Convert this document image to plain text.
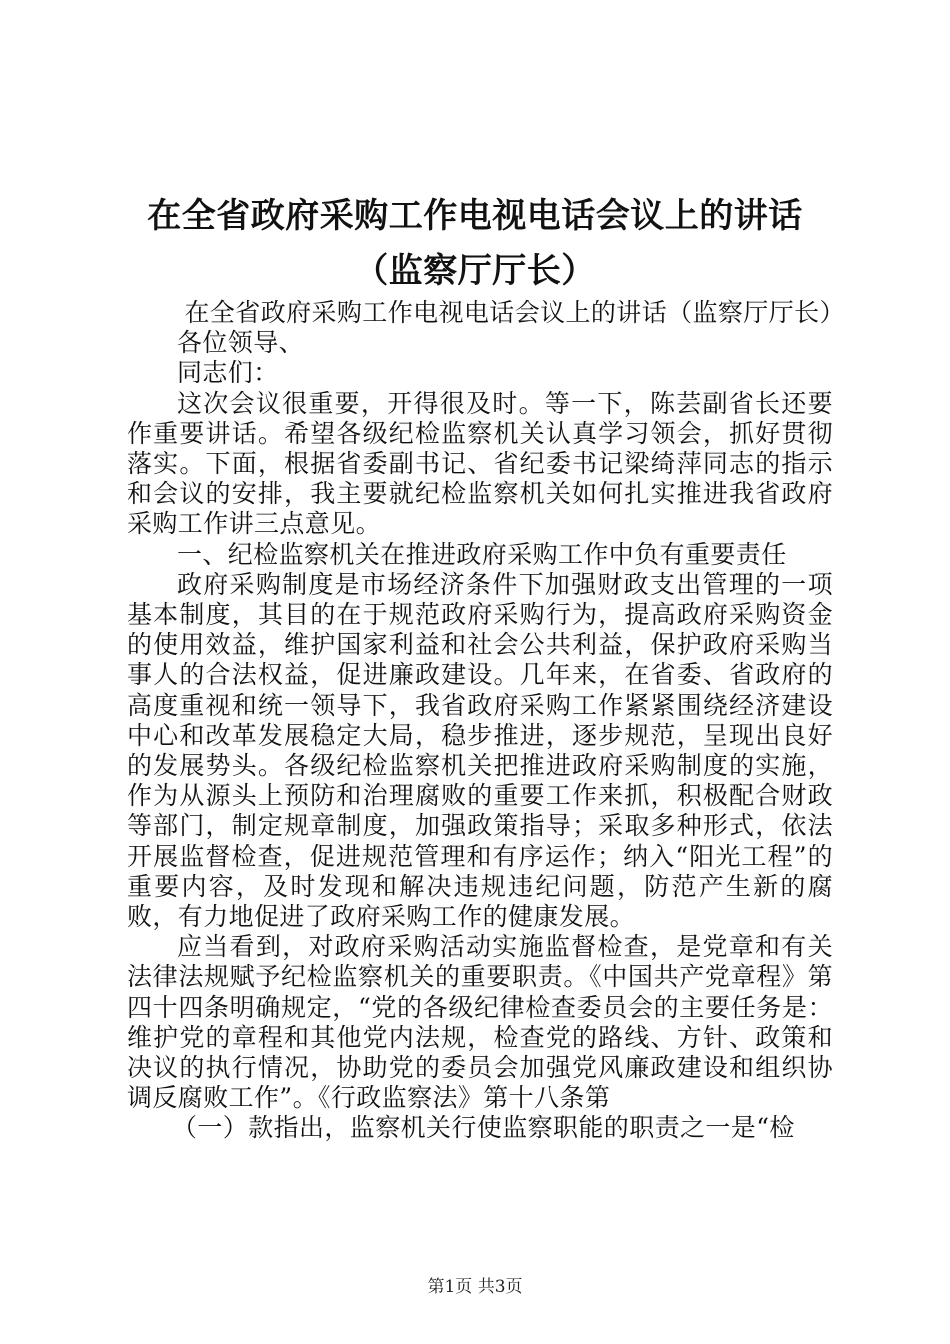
在全省政府采购工作电视电话会议上的讲话
（监察厅厅长）

在全省政府采购工作电视电话会议上的讲话（监察厅厅长）

各位领导、

同志们：

这次会议很重要，开得很及时。等一下，陈芸副省长还要作重要讲话。希望各级纪检监察机关认真学习领会，抓好贯彻落实。下面，根据省委副书记、省纪委书记梁绮萍同志的指示和会议的安排，我主要就纪检监察机关如何扎实推进我省政府采购工作讲三点意见。

一、纪检监察机关在推进政府采购工作中负有重要责任

政府采购制度是市场经济条件下加强财政支出管理的一项基本制度，其目的在于规范政府采购行为，提高政府采购资金的使用效益，维护国家利益和社会公共利益，保护政府采购当事人的合法权益，促进廉政建设。几年来，在省委、省政府的高度重视和统一领导下，我省政府采购工作紧紧围绕经济建设中心和改革发展稳定大局，稳步推进，逐步规范，呈现出良好的发展势头。各级纪检监察机关把推进政府采购制度的实施，作为从源头上预防和治理腐败的重要工作来抓，积极配合财政等部门，制定规章制度，加强政策指导；采取多种形式，依法开展监督检查，促进规范管理和有序运作；纳入“阳光工程”的重要内容，及时发现和解决违规违纪问题，防范产生新的腐败，有力地促进了政府采购工作的健康发展。

应当看到，对政府采购活动实施监督检查，是党章和有关法律法规赋予纪检监察机关的重要职责。《中国共产党章程》第四十四条明确规定，“党的各级纪律检查委员会的主要任务是：维护党的章程和其他党内法规，检查党的路线、方针、政策和决议的执行情况，协助党的委员会加强党风廉政建设和组织协调反腐败工作”。《行政监察法》第十八条第

（一）款指出，监察机关行使监察职能的职责之一是“检

第1页 共3页
